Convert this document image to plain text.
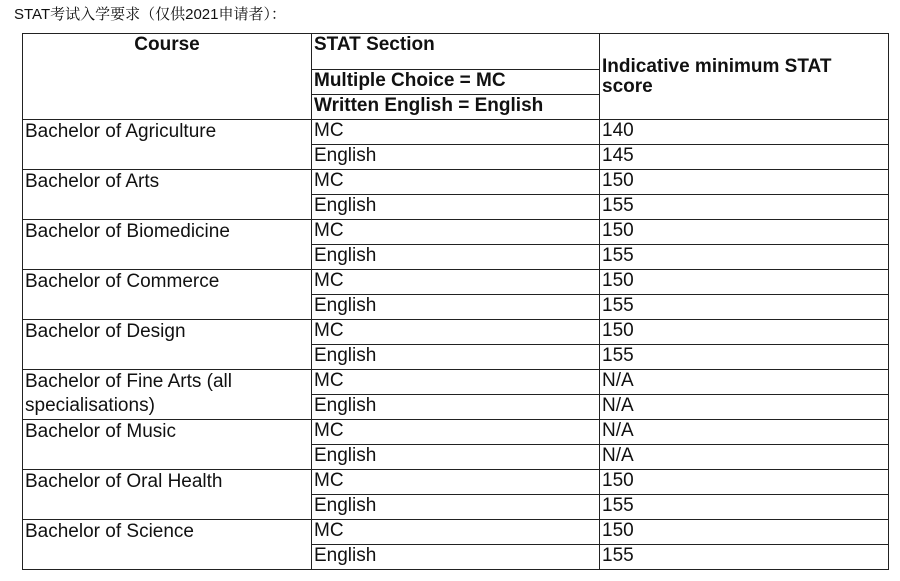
STAT考试入学要求（仅供2021申请者）：
Course	STAT Section	Indicative minimum STAT score
	Multiple Choice = MC	
	Written English = English	
Bachelor of Agriculture	MC	140
	English	145
Bachelor of Arts	MC	150
	English	155
Bachelor of Biomedicine	MC	150
	English	155
Bachelor of Commerce	MC	150
	English	155
Bachelor of Design	MC	150
	English	155
Bachelor of Fine Arts (all specialisations)	MC	N/A
	English	N/A
Bachelor of Music	MC	N/A
	English	N/A
Bachelor of Oral Health	MC	150
	English	155
Bachelor of Science	MC	150
	English	155
